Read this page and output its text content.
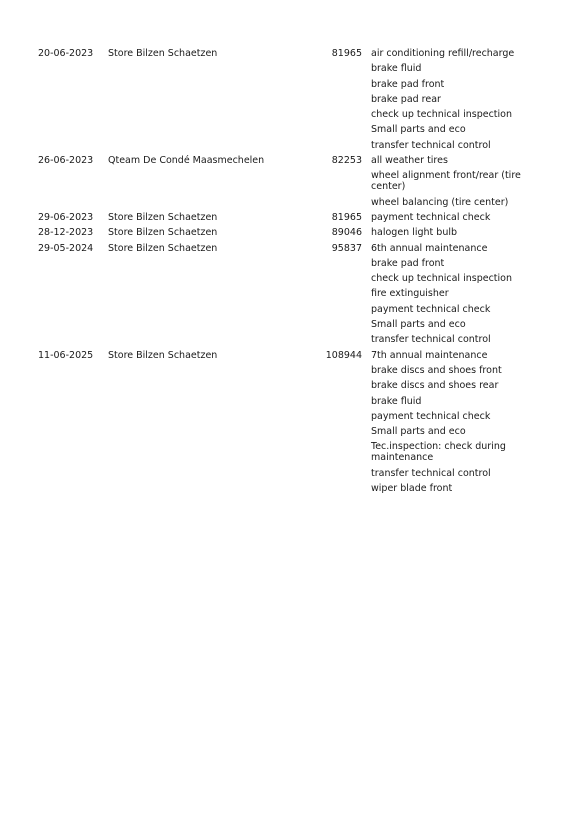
20-06-2023	Store Bilzen Schaetzen	81965 air conditioning refill/recharge
brake fluid
brake pad front
brake pad rear
check up technical inspection
Small parts and eco
transfer technical control
26-06-2023	Qteam De Condé Maasmechelen	82253 all weather tires
wheel alignment front/rear (tire center)
wheel balancing (tire center)
29-06-2023	Store Bilzen Schaetzen	81965 payment technical check
28-12-2023	Store Bilzen Schaetzen	89046 halogen light bulb
29-05-2024	Store Bilzen Schaetzen	95837 6th annual maintenance
brake pad front
check up technical inspection
fire extinguisher
payment technical check
Small parts and eco
transfer technical control
11-06-2025	Store Bilzen Schaetzen	108944 7th annual maintenance
brake discs and shoes front
brake discs and shoes rear
brake fluid
payment technical check
Small parts and eco
Tec.inspection: check during maintenance
transfer technical control
wiper blade front
